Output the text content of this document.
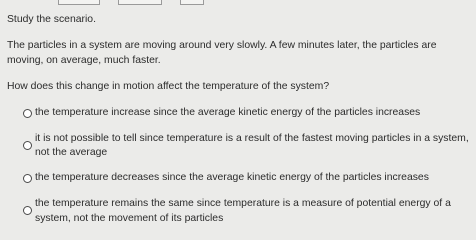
Study the scenario.

The particles in a system are moving around very slowly. A few minutes later, the particles are moving, on average, much faster.

How does this change in motion affect the temperature of the system?

the temperature increase since the average kinetic energy of the particles increases
it is not possible to tell since temperature is a result of the fastest moving particles in a system, not the average
the temperature decreases since the average kinetic energy of the particles increases
the temperature remains the same since temperature is a measure of potential energy of a system, not the movement of its particles
